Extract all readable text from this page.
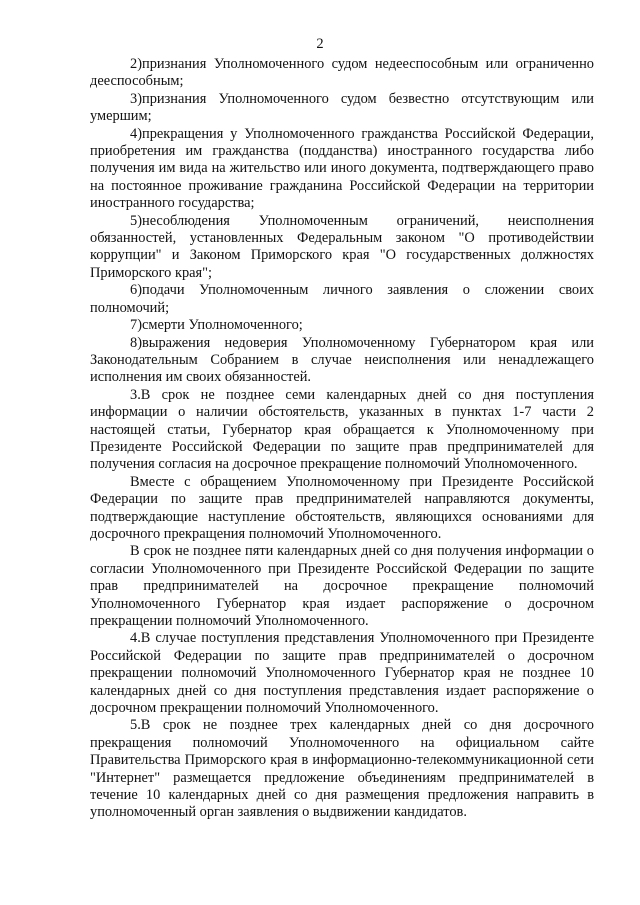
2

2)признания Уполномоченного судом недееспособным или ограниченно дееспособным;

3)признания Уполномоченного судом безвестно отсутствующим или умершим;

4)прекращения у Уполномоченного гражданства Российской Федерации, приобретения им гражданства (подданства) иностранного государства либо получения им вида на жительство или иного документа, подтверждающего право на постоянное проживание гражданина Российской Федерации на территории иностранного государства;

5)несоблюдения Уполномоченным ограничений, неисполнения обязанностей, установленных Федеральным законом "О противодействии коррупции" и Законом Приморского края "О государственных должностях Приморского края";

6)подачи Уполномоченным личного заявления о сложении своих полномочий;

7)смерти Уполномоченного;

8)выражения недоверия Уполномоченному Губернатором края или Законодательным Собранием в случае неисполнения или ненадлежащего исполнения им своих обязанностей.

3.В срок не позднее семи календарных дней со дня поступления информации о наличии обстоятельств, указанных в пунктах 1-7 части 2 настоящей статьи, Губернатор края обращается к Уполномоченному при Президенте Российской Федерации по защите прав предпринимателей для получения согласия на досрочное прекращение полномочий Уполномоченного.

Вместе с обращением Уполномоченному при Президенте Российской Федерации по защите прав предпринимателей направляются документы, подтверждающие наступление обстоятельств, являющихся основаниями для досрочного прекращения полномочий Уполномоченного.

В срок не позднее пяти календарных дней со дня получения информации о согласии Уполномоченного при Президенте Российской Федерации по защите прав предпринимателей на досрочное прекращение полномочий Уполномоченного Губернатор края издает распоряжение о досрочном прекращении полномочий Уполномоченного.

4.В случае поступления представления Уполномоченного при Президенте Российской Федерации по защите прав предпринимателей о досрочном прекращении полномочий Уполномоченного Губернатор края не позднее 10 календарных дней со дня поступления представления издает распоряжение о досрочном прекращении полномочий Уполномоченного.

5.В срок не позднее трех календарных дней со дня досрочного прекращения полномочий Уполномоченного на официальном сайте Правительства Приморского края в информационно-телекоммуникационной сети "Интернет" размещается предложение объединениям предпринимателей в течение 10 календарных дней со дня размещения предложения направить в уполномоченный орган заявления о выдвижении кандидатов.
